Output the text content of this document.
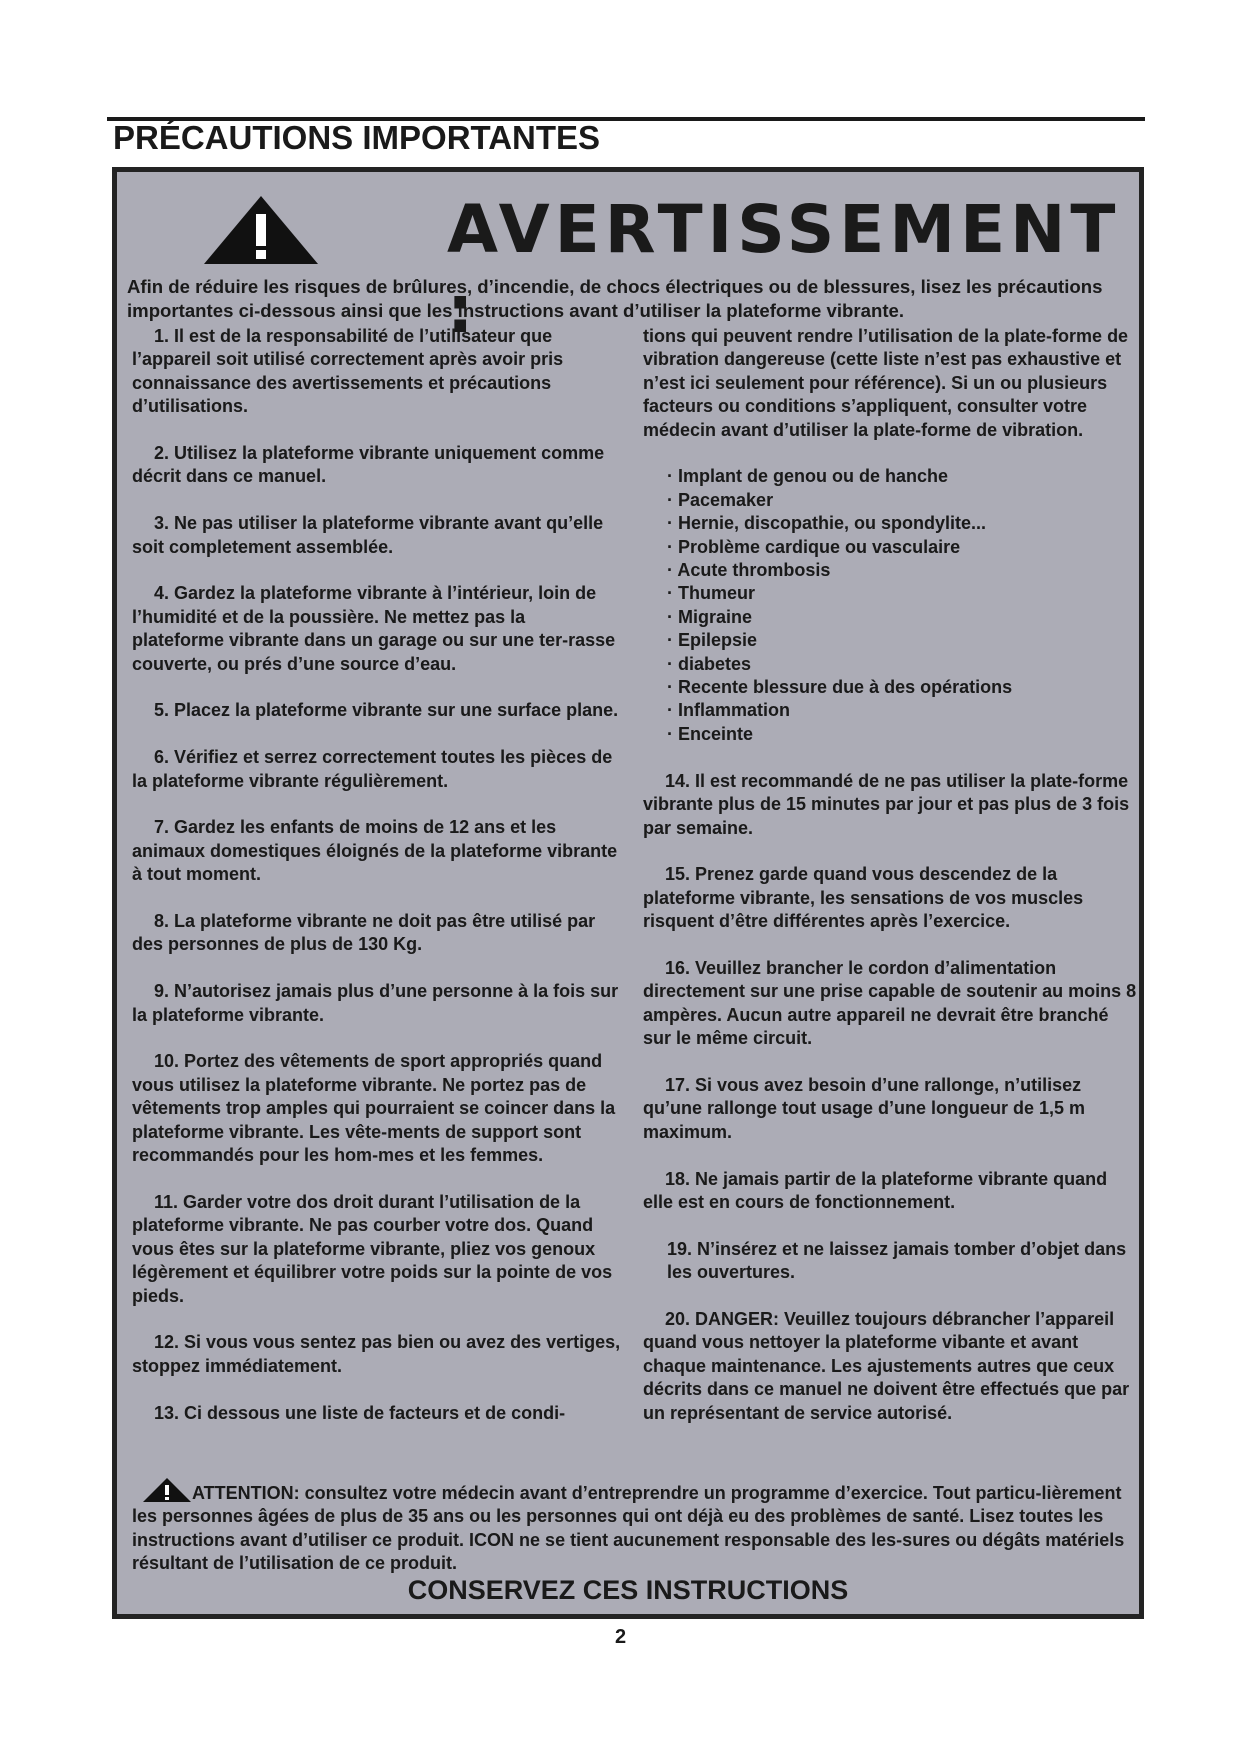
PRÉCAUTIONS IMPORTANTES
AVERTISSEMENT :
Afin de réduire les risques de brûlures, d’incendie, de chocs électriques ou de blessures, lisez les précautions importantes ci-dessous ainsi que les instructions avant d’utiliser la plateforme vibrante.

1. Il est de la responsabilité de l’utilisateur que l’appareil soit utilisé correctement après avoir pris connaissance des avertissements et précautions d’utilisations.

2. Utilisez la plateforme vibrante uniquement comme décrit dans ce manuel.

3. Ne pas utiliser la plateforme vibrante avant qu’elle soit completement assemblée.

4. Gardez la plateforme vibrante à l’intérieur, loin de l’humidité et de la poussière. Ne mettez pas la plateforme vibrante dans un garage ou sur une ter-rasse couverte, ou prés d’une source d’eau.

5. Placez la plateforme vibrante sur une surface plane.

6. Vérifiez et serrez correctement toutes les pièces de la plateforme vibrante régulièrement.

7. Gardez les enfants de moins de 12 ans et les animaux domestiques éloignés de la plateforme vibrante à tout moment.

8. La plateforme vibrante ne doit pas être utilisé par des personnes de plus de 130 Kg.

9. N’autorisez jamais plus d’une personne à la fois sur la plateforme vibrante.

10. Portez des vêtements de sport appropriés quand vous utilisez la plateforme vibrante. Ne portez pas de vêtements trop amples qui pourraient se coincer dans la plateforme vibrante. Les vête-ments de support sont recommandés pour les hom-mes et les femmes.

11. Garder votre dos droit durant l’utilisation de la plateforme vibrante. Ne pas courber votre dos. Quand vous êtes sur la plateforme vibrante, pliez vos genoux légèrement et équilibrer votre poids sur la pointe de vos pieds.

12. Si vous vous sentez pas bien ou avez des vertiges, stoppez immédiatement.

13. Ci dessous une liste de facteurs et de condi-

tions qui peuvent rendre l’utilisation de la plate-forme de vibration dangereuse (cette liste n’est pas exhaustive et n’est ici seulement pour référence). Si un ou plusieurs facteurs ou conditions s’appliquent, consulter votre médecin avant d’utiliser la plate-forme de vibration.

· Implant de genou ou de hanche

· Pacemaker

· Hernie, discopathie, ou spondylite...

· Problème cardique ou vasculaire

· Acute thrombosis

· Thumeur

· Migraine

· Epilepsie

· diabetes

· Recente blessure due à des opérations

· Inflammation

· Enceinte

14. Il est recommandé de ne pas utiliser la plate-forme vibrante plus de 15 minutes par jour et pas plus de 3 fois par semaine.

15. Prenez garde quand vous descendez de la plateforme vibrante, les sensations de vos muscles risquent d’être différentes après l’exercice.

16. Veuillez brancher le cordon d’alimentation directement sur une prise capable de soutenir au moins 8 ampères. Aucun autre appareil ne devrait être branché sur le même circuit.

17. Si vous avez besoin d’une rallonge, n’utilisez qu’une rallonge tout usage d’une longueur de 1,5 m maximum.

18. Ne jamais partir de la plateforme vibrante quand elle est en cours de fonctionnement.

19. N’insérez et ne laissez jamais tomber d’objet dans les ouvertures.

20. DANGER: Veuillez toujours débrancher l’appareil quand vous nettoyer la plateforme vibante et avant chaque maintenance. Les ajustements autres que ceux décrits dans ce manuel ne doivent être effectués que par un représentant de service autorisé.

ATTENTION: consultez votre médecin avant d’entreprendre un programme d’exercice. Tout particu-lièrement les personnes âgées de plus de 35 ans ou les personnes qui ont déjà eu des problèmes de santé. Lisez toutes les instructions avant d’utiliser ce produit. ICON ne se tient aucunement responsable des les-sures ou dégâts matériels résultant de l’utilisation de ce produit.
CONSERVEZ CES INSTRUCTIONS
2
